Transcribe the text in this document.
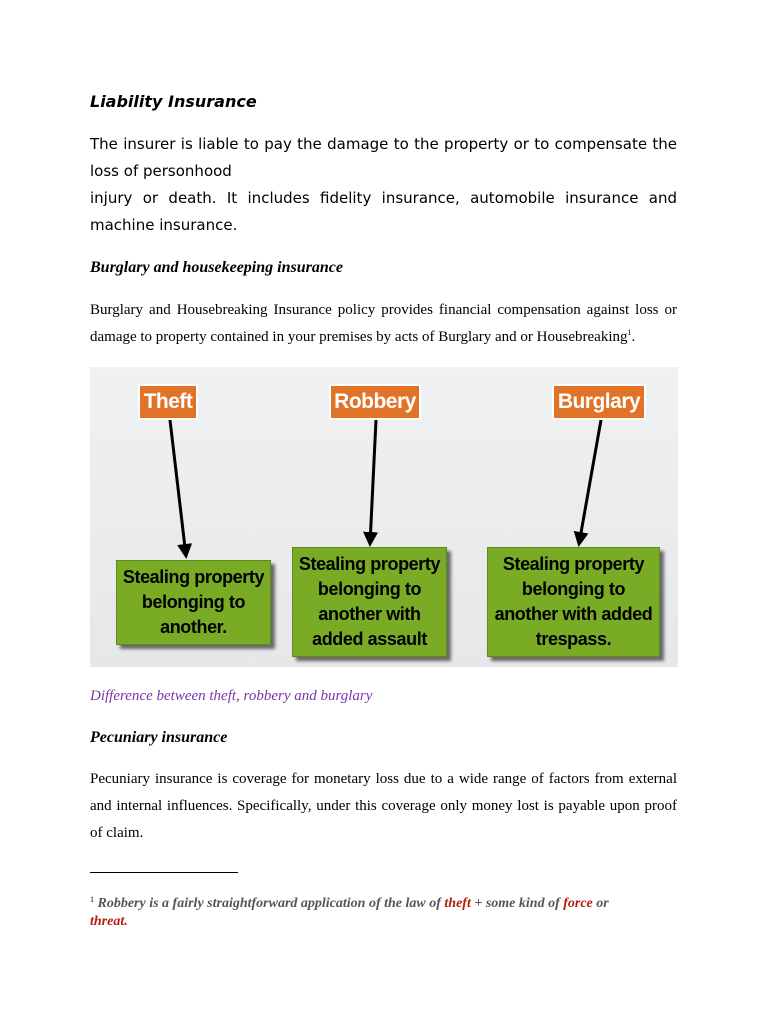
Liability Insurance
The insurer is liable to pay the damage to the property or to compensate the
loss of personhood
injury or death. It includes fidelity insurance, automobile insurance and
machine insurance.
Burglary and housekeeping insurance
Burglary and Housebreaking Insurance policy provides financial compensation against loss or
damage to property contained in your premises by acts of Burglary and or Housebreaking$^1$.
Theft	Robbery	Burglary
Stealing property
belonging to
another.
Stealing property
belonging to
another with
added assault
Stealing property
belonging to
another with added
trespass.

Difference between theft, robbery and burglary

Pecuniary insurance
Pecuniary insurance is coverage for monetary loss due to a wide range of factors from external
and internal influences. Specifically, under this coverage only money lost is payable upon proof
of claim.

$^1$ Robbery is a fairly straightforward application of the law of theft + some kind of force or
threat.
